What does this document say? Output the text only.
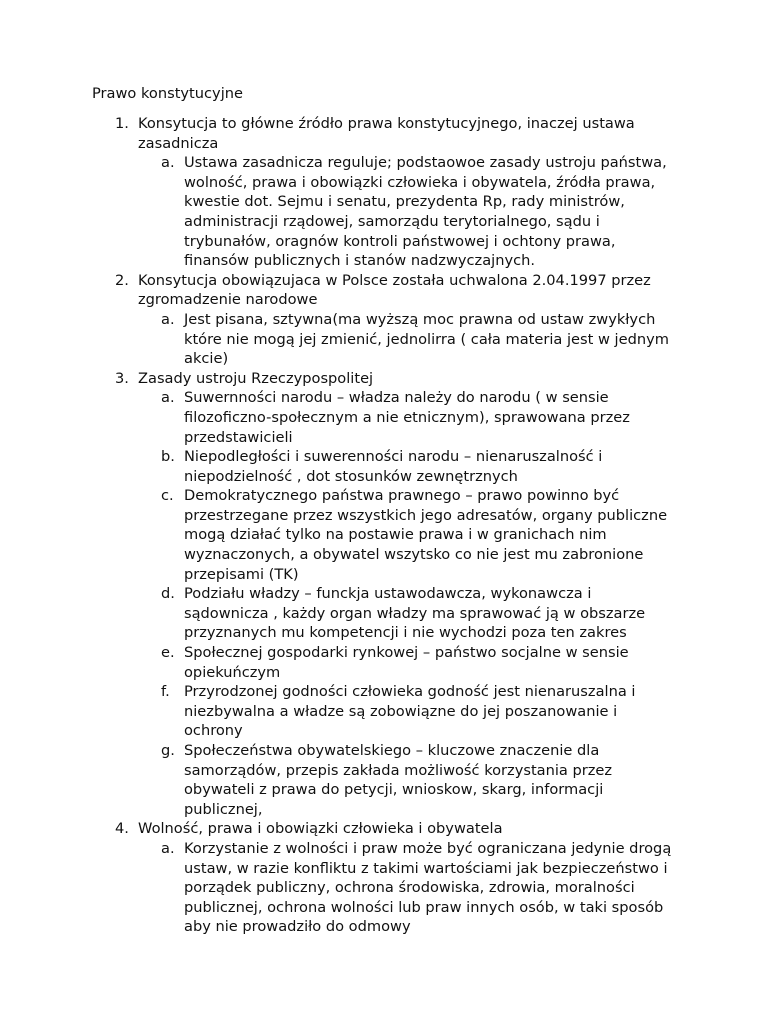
Prawo konstytucyjne

1. Konsytucja to główne źródło prawa konstytucyjnego, inaczej ustawa zasadnicza
a. Ustawa zasadnicza reguluje; podstaowoe zasady ustroju państwa, wolność, prawa i obowiązki człowieka i obywatela, źródła prawa, kwestie dot. Sejmu i senatu, prezydenta Rp, rady ministrów, administracji rządowej, samorządu terytorialnego, sądu i trybunałów, oragnów kontroli państwowej i ochtony prawa, finansów publicznych i stanów nadzwyczajnych.
2. Konsytucja obowiązujaca w Polsce została uchwalona 2.04.1997 przez zgromadzenie narodowe
a. Jest pisana, sztywna(ma wyższą moc prawna od ustaw zwykłych które nie mogą jej zmienić, jednolirra ( cała materia jest w jednym akcie)
3. Zasady ustroju Rzeczypospolitej
a. Suwernności narodu – władza należy do narodu ( w sensie filozoficzno-społecznym a nie etnicznym), sprawowana przez przedstawicieli
b. Niepodległości i suwerenności narodu – nienaruszalność i niepodzielność , dot stosunków zewnętrznych
c. Demokratycznego państwa prawnego – prawo powinno być przestrzegane przez wszystkich jego adresatów, organy publiczne mogą działać tylko na postawie prawa i w granichach nim wyznaczonych, a obywatel wszytsko co nie jest mu zabronione przepisami (TK)
d. Podziału władzy – funckja ustawodawcza, wykonawcza i sądownicza , każdy organ władzy ma sprawować ją w obszarze przyznanych mu kompetencji i nie wychodzi poza ten zakres
e. Społecznej gospodarki rynkowej – państwo socjalne w sensie opiekuńczym
f. Przyrodzonej godności człowieka godność jest nienaruszalna i niezbywalna a władze są zobowiązne do jej poszanowanie i ochrony
g. Społeczeństwa obywatelskiego – kluczowe znaczenie dla samorządów, przepis zakłada możliwość korzystania przez obywateli z prawa do petycji, wnioskow, skarg, informacji publicznej,
4. Wolność, prawa i obowiązki człowieka i obywatela
a. Korzystanie z wolności i praw może być ograniczana jedynie drogą ustaw, w razie konfliktu z takimi wartościami jak bezpieczeństwo i porządek publiczny, ochrona środowiska, zdrowia, moralności publicznej, ochrona wolności lub praw innych osób, w taki sposób aby nie prowadziło do odmowy
